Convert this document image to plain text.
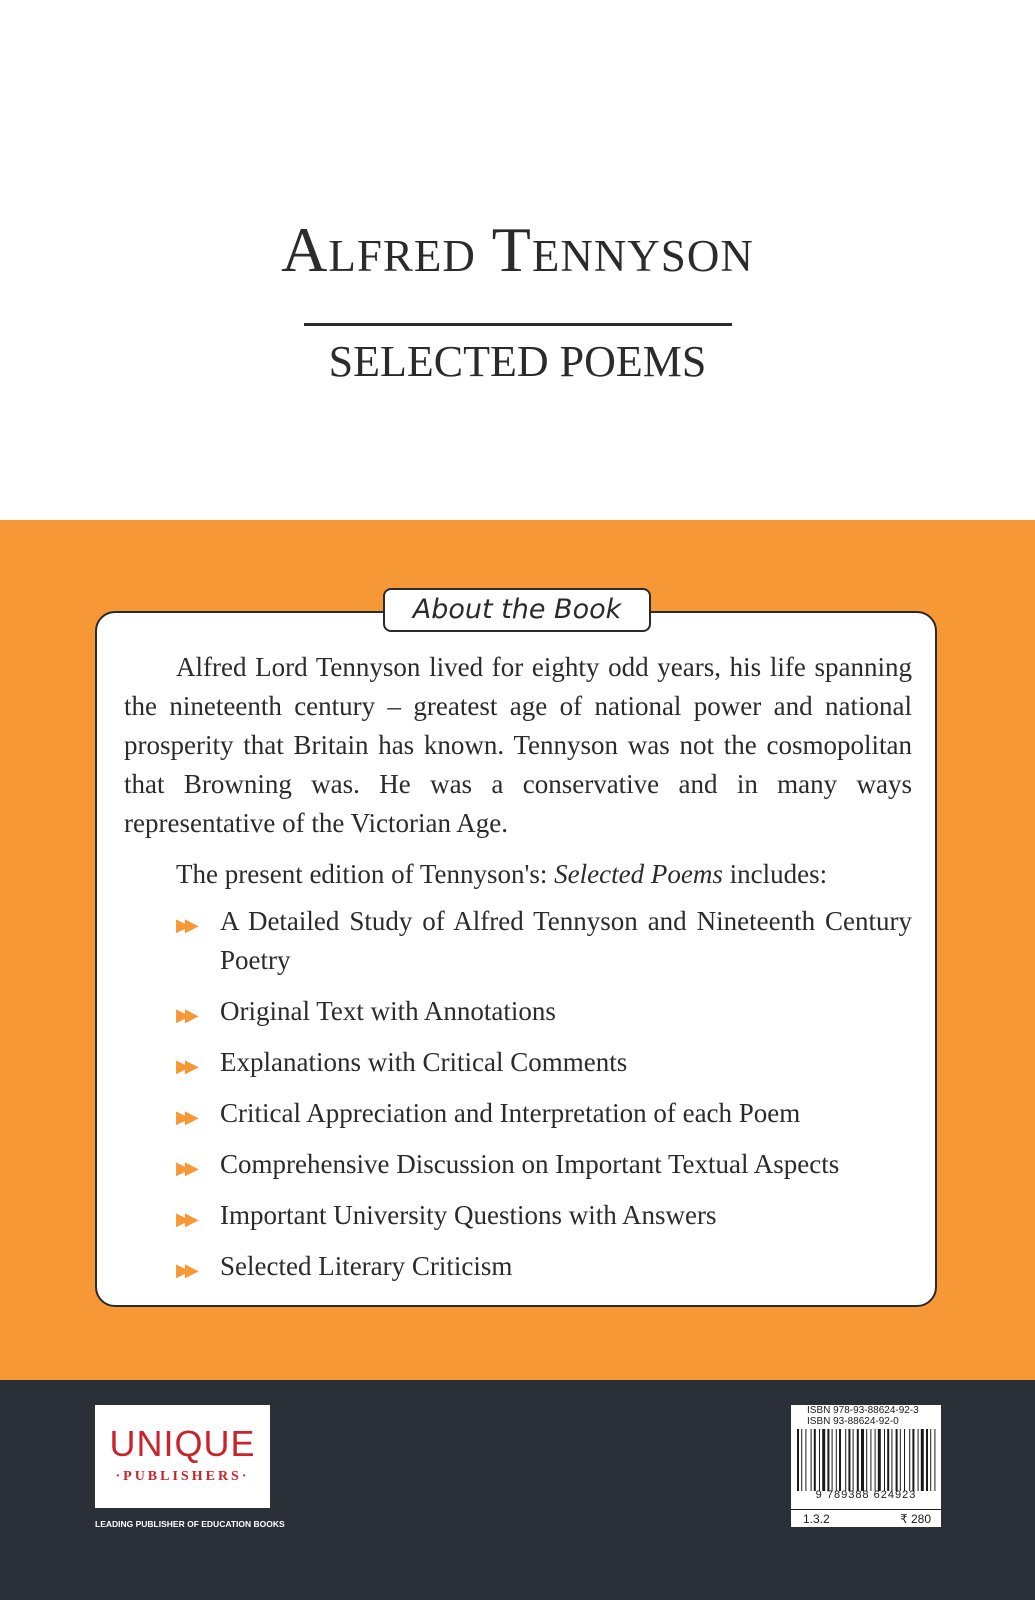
Alfred Tennyson
SELECTED POEMS
About the Book

Alfred Lord Tennyson lived for eighty odd years, his life spanning the nineteenth century – greatest age of national power and national prosperity that Britain has known. Tennyson was not the cosmopolitan that Browning was. He was a conservative and in many ways representative of the Victorian Age.

The present edition of Tennyson's: Selected Poems includes:

▶▶ A Detailed Study of Alfred Tennyson and Nineteenth Century Poetry
▶▶ Original Text with Annotations
▶▶ Explanations with Critical Comments
▶▶ Critical Appreciation and Interpretation of each Poem
▶▶ Comprehensive Discussion on Important Textual Aspects
▶▶ Important University Questions with Answers
▶▶ Selected Literary Criticism
UNIQUE
·PUBLISHERS·
LEADING PUBLISHER OF EDUCATION BOOKS
ISBN 978-93-88624-92-3
ISBN 93-88624-92-0
9 789388 624923
1.3.2	₹ 280
